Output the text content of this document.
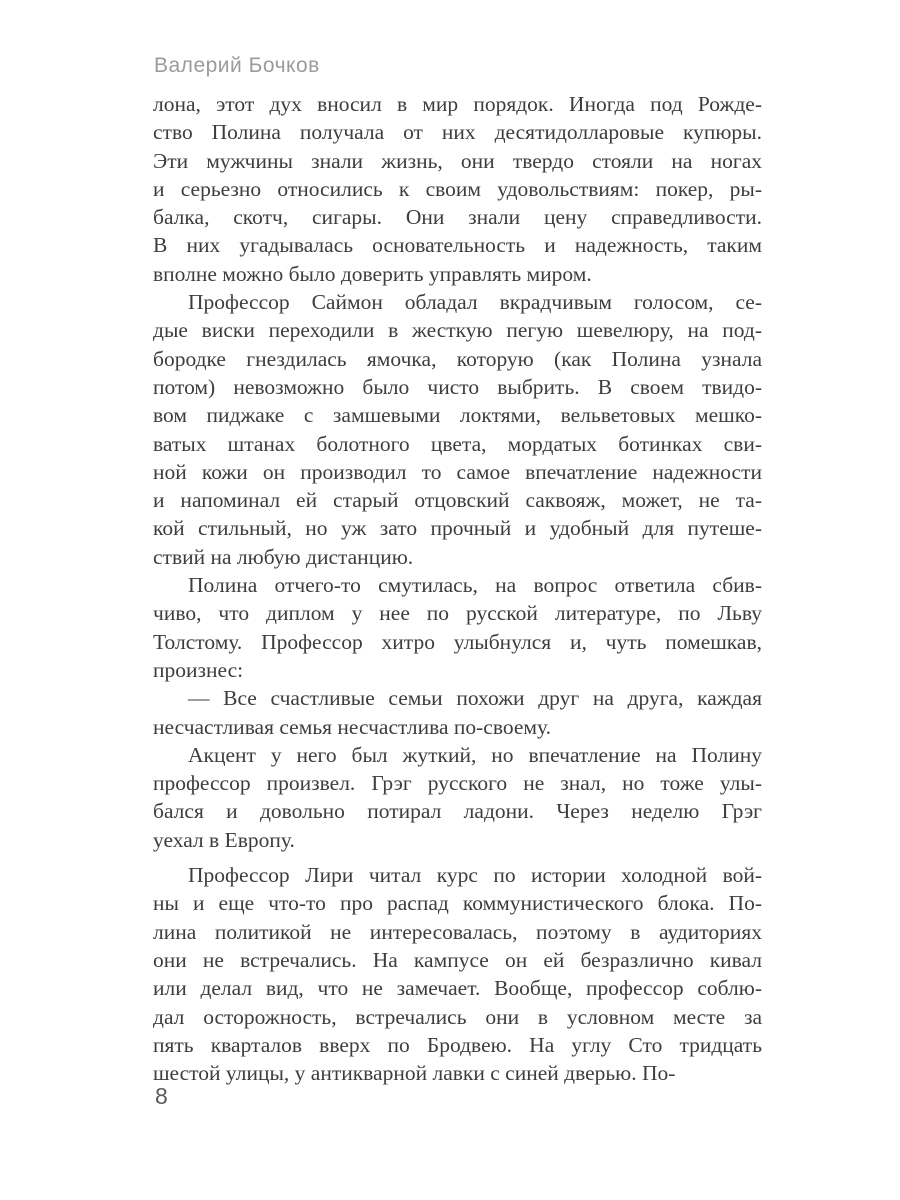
Валерий Бочков
лона, этот дух вносил в мир порядок. Иногда под Рожде-
ство Полина получала от них десятидолларовые купюры.
Эти мужчины знали жизнь, они твердо стояли на ногах
и серьезно относились к своим удовольствиям: покер, ры-
балка, скотч, сигары. Они знали цену справедливости.
В них угадывалась основательность и надежность, таким
вполне можно было доверить управлять миром.
Профессор Саймон обладал вкрадчивым голосом, се-
дые виски переходили в жесткую пегую шевелюру, на под-
бородке гнездилась ямочка, которую (как Полина узнала
потом) невозможно было чисто выбрить. В своем твидо-
вом пиджаке с замшевыми локтями, вельветовых мешко-
ватых штанах болотного цвета, мордатых ботинках сви-
ной кожи он производил то самое впечатление надежности
и напоминал ей старый отцовский саквояж, может, не та-
кой стильный, но уж зато прочный и удобный для путеше-
ствий на любую дистанцию.
Полина отчего-то смутилась, на вопрос ответила сбив-
чиво, что диплом у нее по русской литературе, по Льву
Толстому. Профессор хитро улыбнулся и, чуть помешкав,
произнес:
— Все счастливые семьи похожи друг на друга, каждая
несчастливая семья несчастлива по-своему.
Акцент у него был жуткий, но впечатление на Полину
профессор произвел. Грэг русского не знал, но тоже улы-
бался и довольно потирал ладони. Через неделю Грэг
уехал в Европу.
Профессор Лири читал курс по истории холодной вой-
ны и еще что-то про распад коммунистического блока. По-
лина политикой не интересовалась, поэтому в аудиториях
они не встречались. На кампусе он ей безразлично кивал
или делал вид, что не замечает. Вообще, профессор соблю-
дал осторожность, встречались они в условном месте за
пять кварталов вверх по Бродвею. На углу Сто тридцать
шестой улицы, у антикварной лавки с синей дверью. По-
8
